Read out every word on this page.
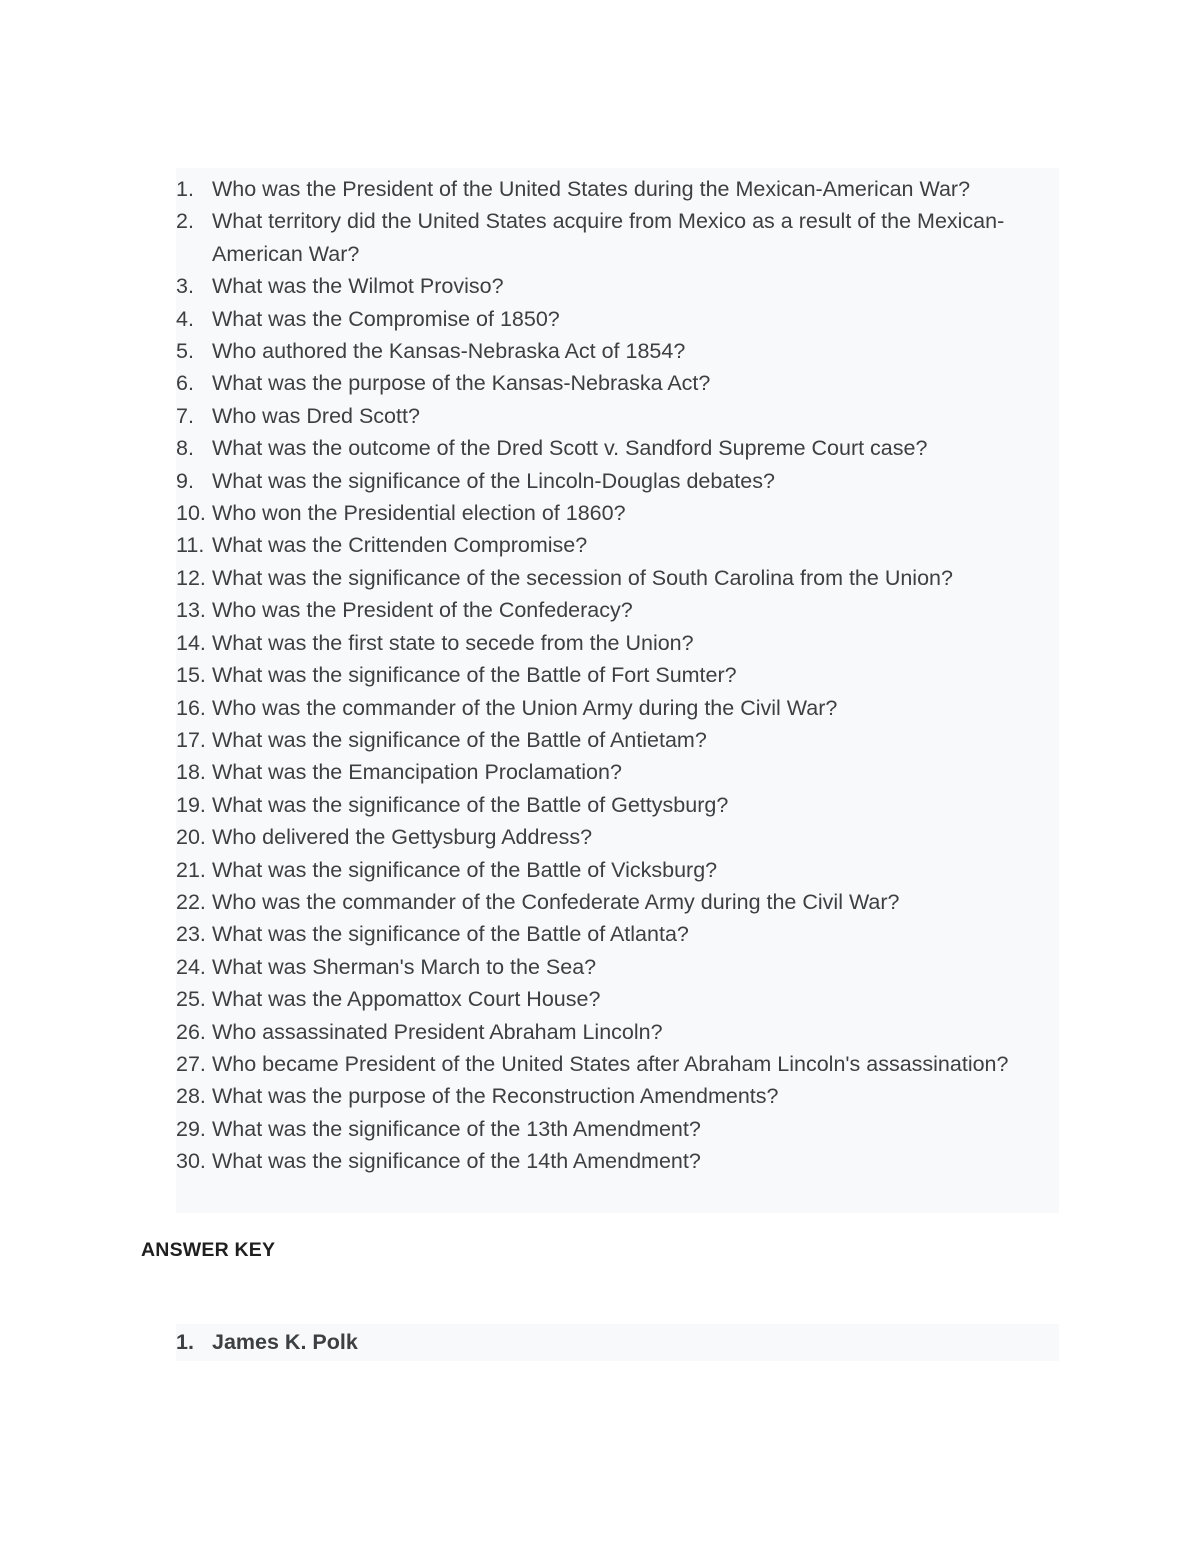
1. Who was the President of the United States during the Mexican-American War?
2. What territory did the United States acquire from Mexico as a result of the Mexican-American War?
3. What was the Wilmot Proviso?
4. What was the Compromise of 1850?
5. Who authored the Kansas-Nebraska Act of 1854?
6. What was the purpose of the Kansas-Nebraska Act?
7. Who was Dred Scott?
8. What was the outcome of the Dred Scott v. Sandford Supreme Court case?
9. What was the significance of the Lincoln-Douglas debates?
10. Who won the Presidential election of 1860?
11. What was the Crittenden Compromise?
12. What was the significance of the secession of South Carolina from the Union?
13. Who was the President of the Confederacy?
14. What was the first state to secede from the Union?
15. What was the significance of the Battle of Fort Sumter?
16. Who was the commander of the Union Army during the Civil War?
17. What was the significance of the Battle of Antietam?
18. What was the Emancipation Proclamation?
19. What was the significance of the Battle of Gettysburg?
20. Who delivered the Gettysburg Address?
21. What was the significance of the Battle of Vicksburg?
22. Who was the commander of the Confederate Army during the Civil War?
23. What was the significance of the Battle of Atlanta?
24. What was Sherman's March to the Sea?
25. What was the Appomattox Court House?
26. Who assassinated President Abraham Lincoln?
27. Who became President of the United States after Abraham Lincoln's assassination?
28. What was the purpose of the Reconstruction Amendments?
29. What was the significance of the 13th Amendment?
30. What was the significance of the 14th Amendment?
ANSWER KEY
1. James K. Polk
